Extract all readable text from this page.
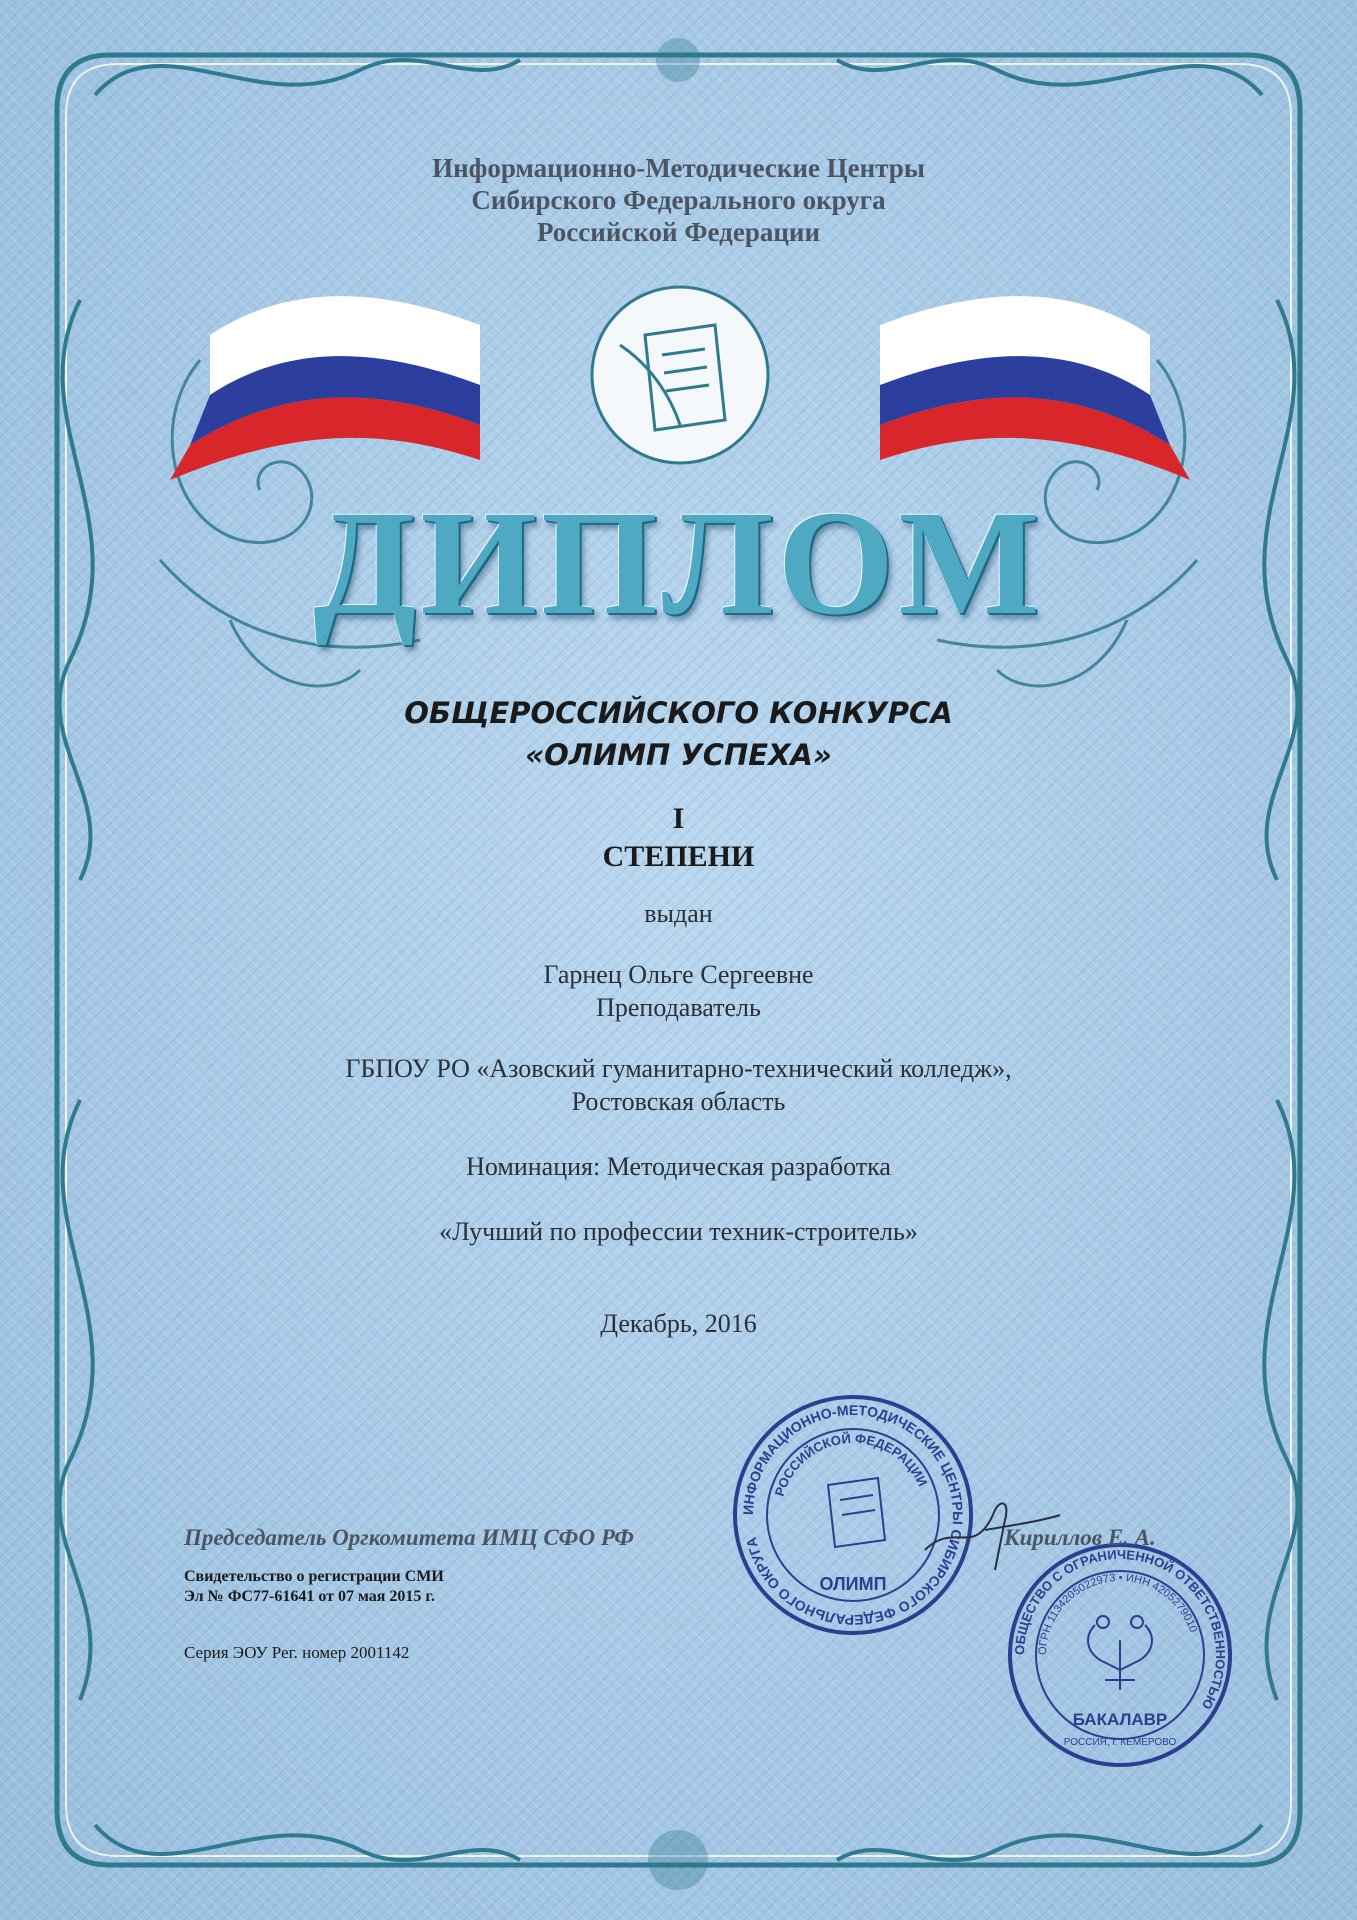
Информационно-Методические Центры
Сибирского Федерального округа
Российской Федерации
ДИПЛОМ
ОБЩЕРОССИЙСКОГО КОНКУРСА
«ОЛИМП УСПЕХА»
I
СТЕПЕНИ
выдан
Гарнец Ольге Сергеевне
Преподаватель
ГБПОУ РО «Азовский гуманитарно-технический колледж»,
Ростовская область
Номинация: Методическая разработка
«Лучший по профессии техник-строитель»
Декабрь, 2016
ИНФОРМАЦИОННО-МЕТОДИЧЕСКИЕ ЦЕНТРЫ СИБИРСКОГО ФЕДЕРАЛЬНОГО ОКРУГА
РОССИЙСКОЙ ФЕДЕРАЦИИ
ОЛИМП
ОБЩЕСТВО С ОГРАНИЧЕННОЙ ОТВЕТСТВЕННОСТЬЮ
ОГРН 1134205022973 • ИНН 4205279010
БАКАЛАВР
РОССИЯ, г. КЕМЕРОВО
Председатель Оргкомитета ИМЦ СФО РФ	Кириллов Е. А.
Свидетельство о регистрации СМИ
Эл № ФС77-61641 от 07 мая 2015 г.
Серия ЭОУ Рег. номер 2001142
